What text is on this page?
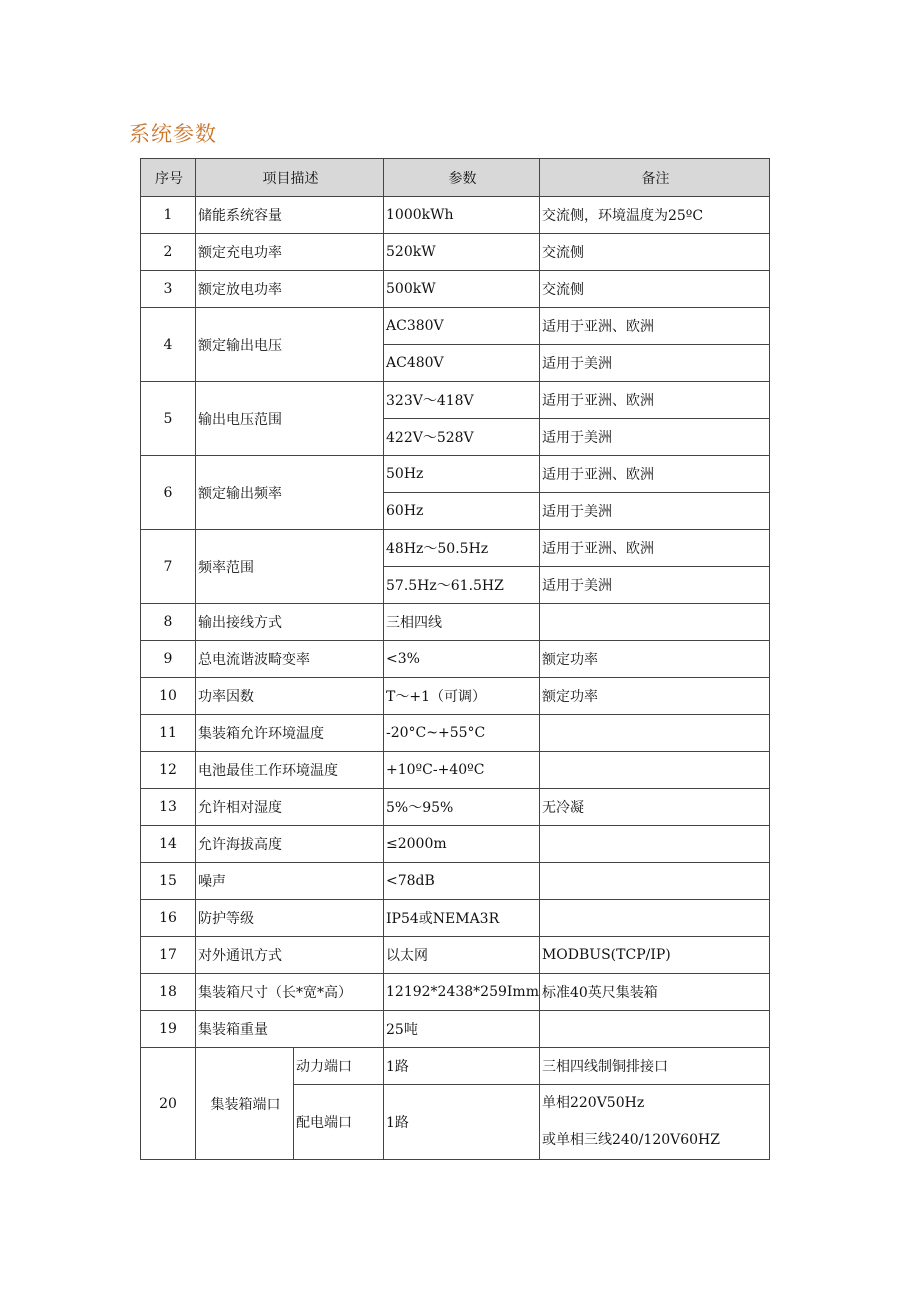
系统参数
序号	项目描述		参数	备注
1	储能系统容量		1000kWh	交流侧，环境温度为25ºC
2	额定充电功率		520kW	交流侧
3	额定放电功率		500kW	交流侧
4	额定输出电压		AC380V	适用于亚洲、欧洲
			AC480V	适用于美洲
5	输出电压范围		323V～418V	适用于亚洲、欧洲
			422V～528V	适用于美洲
6	额定输出频率		50Hz	适用于亚洲、欧洲
			60Hz	适用于美洲
7	频率范围		48Hz～50.5Hz	适用于亚洲、欧洲
			57.5Hz～61.5HZ	适用于美洲
8	输出接线方式		三相四线	
9	总电流谐波畸变率		<3%	额定功率
10	功率因数		T～+1（可调）	额定功率
11	集装箱允许环境温度		-20°C~+55°C	
12	电池最佳工作环境温度		+10ºC-+40ºC	
13	允许相对湿度		5%～95%	无冷凝
14	允许海拔高度		≤2000m	
15	噪声		<78dB	
16	防护等级		IP54或NEMA3R	
17	对外通讯方式		以太网	MODBUS(TCP/IP)
18	集装箱尺寸（长*宽*高）		12192*2438*259Imm	标准40英尺集装箱
19	集装箱重量		25吨	
20	集装箱端口	动力端口	1路	三相四线制铜排接口
		配电端口	1路	单相220V50Hz
或单相三线240/120V60HZ
